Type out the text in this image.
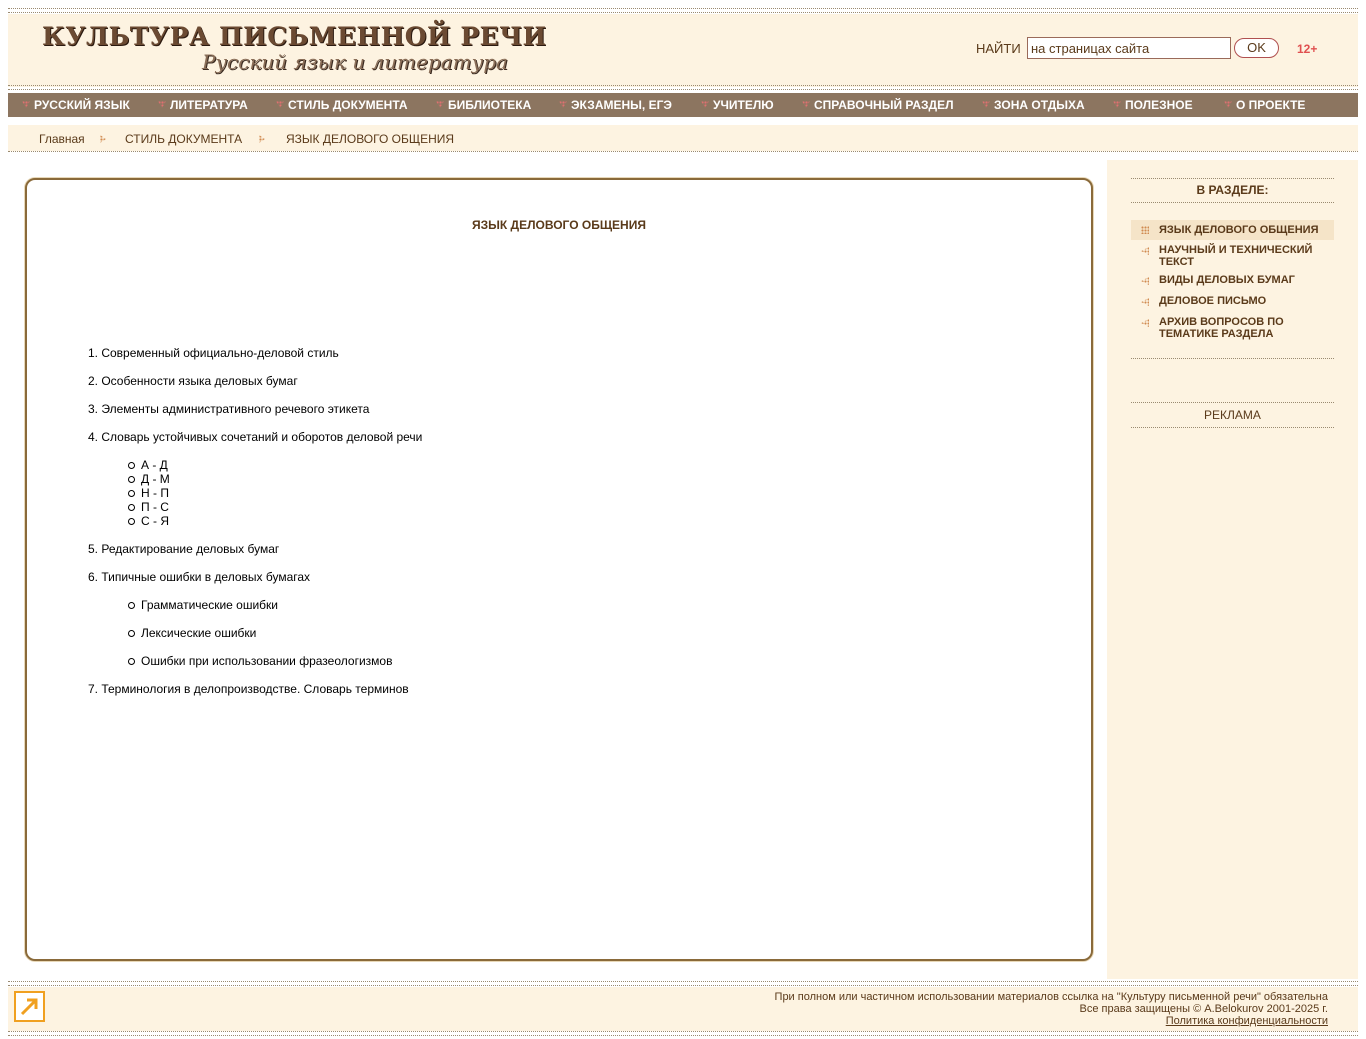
КУЛЬТУРА ПИСЬМЕННОЙ РЕЧИ
Русский язык и литература
НАЙТИ
на страницах сайта	OK	12+
РУССКИЙ ЯЗЫК	ЛИТЕРАТУРА	СТИЛЬ ДОКУМЕНТА	БИБЛИОТЕКА	ЭКЗАМЕНЫ, ЕГЭ	УЧИТЕЛЮ	СПРАВОЧНЫЙ РАЗДЕЛ	ЗОНА ОТДЫХА	ПОЛЕЗНОЕ	О ПРОЕКТЕ
Главная	СТИЛЬ ДОКУМЕНТА	ЯЗЫК ДЕЛОВОГО ОБЩЕНИЯ
ЯЗЫК ДЕЛОВОГО ОБЩЕНИЯ
1. Современный официально-деловой стиль
2. Особенности языка деловых бумаг
3. Элементы административного речевого этикета
4. Словарь устойчивых сочетаний и оборотов деловой речи
А - Д
Д - М
Н - П
П - С
С - Я
5. Редактирование деловых бумаг
6. Типичные ошибки в деловых бумагах
Грамматические ошибки
Лексические ошибки
Ошибки при использовании фразеологизмов
7. Терминология в делопроизводстве. Словарь терминов
В РАЗДЕЛЕ:
ЯЗЫК ДЕЛОВОГО ОБЩЕНИЯ
НАУЧНЫЙ И ТЕХНИЧЕСКИЙ ТЕКСТ
ВИДЫ ДЕЛОВЫХ БУМАГ
ДЕЛОВОЕ ПИСЬМО
АРХИВ ВОПРОСОВ ПО ТЕМАТИКЕ РАЗДЕЛА
РЕКЛАМА
При полном или частичном использовании материалов ссылка на "Культуру письменной речи" обязательна
Все права защищены © A.Belokurov 2001-2025 г.
Политика конфиденциальности
